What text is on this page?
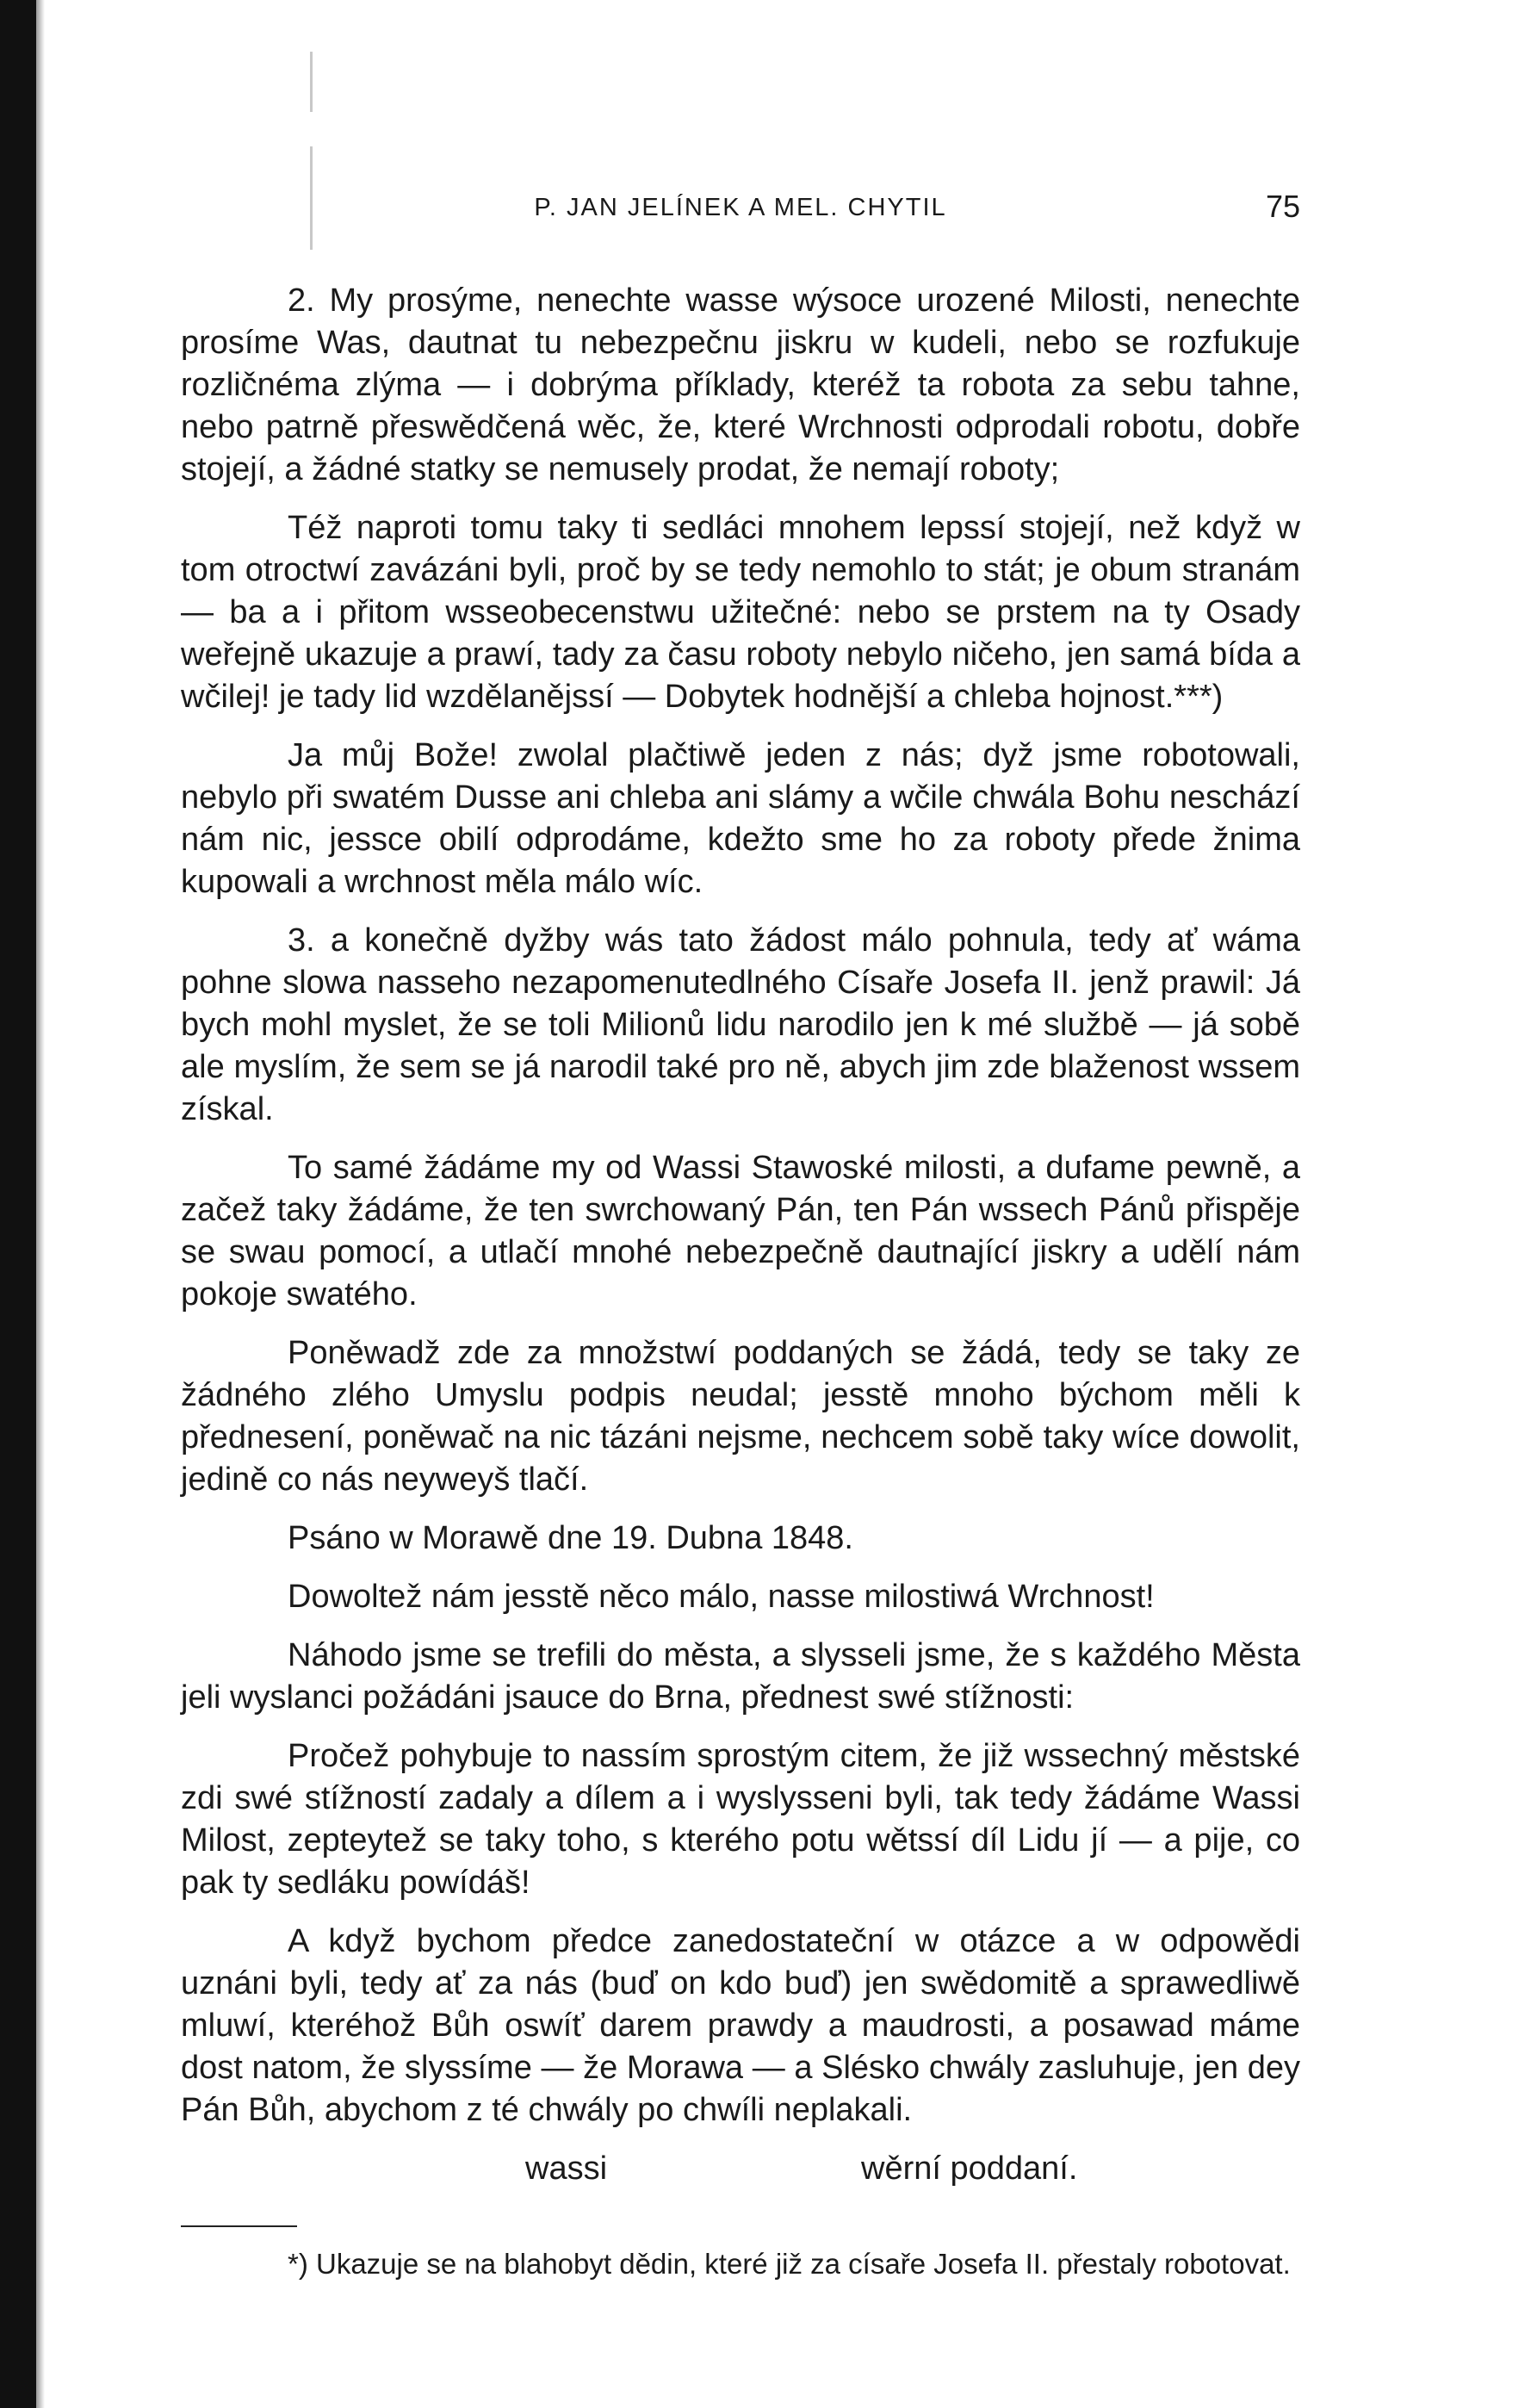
P. JAN JELÍNEK A MEL. CHYTIL	75

2. My prosýme, nenechte wasse wýsoce urozené Milosti, nenechte prosíme Was, dautnat tu nebezpečnu jiskru w kudeli, nebo se rozfukuje rozličnéma zlýma — i dobrýma příklady, kteréž ta robota za sebu tahne, nebo patrně přeswědčená wěc, že, které Wrchnosti odprodali robotu, dobře stojejí, a žádné statky se nemusely prodat, že nemají roboty;

Též naproti tomu taky ti sedláci mnohem lepssí stojejí, než když w tom otroctwí zavázáni byli, proč by se tedy nemohlo to stát; je obum stranám — ba a i přitom wsseobecenstwu užitečné: nebo se prstem na ty Osady weřejně ukazuje a prawí, tady za času roboty nebylo ničeho, jen samá bída a wčilej! je tady lid wzdělanějssí — Dobytek hodnější a chleba hojnost.***)

Ja můj Bože! zwolal plačtiwě jeden z nás; dyž jsme robotowali, nebylo při swatém Dusse ani chleba ani slámy a wčile chwála Bohu neschází nám nic, jessce obilí odprodáme, kdežto sme ho za roboty přede žnima kupowali a wrchnost měla málo wíc.

3. a konečně dyžby wás tato žádost málo pohnula, tedy ať wáma pohne slowa nasseho nezapomenutedlného Císaře Josefa II. jenž prawil: Já bych mohl myslet, že se toli Milionů lidu narodilo jen k mé službě — já sobě ale myslím, že sem se já narodil také pro ně, abych jim zde blaženost wssem získal.

To samé žádáme my od Wassi Stawoské milosti, a dufame pewně, a začež taky žádáme, že ten swrchowaný Pán, ten Pán wssech Pánů přispěje se swau pomocí, a utlačí mnohé nebezpečně dautnající jiskry a udělí nám pokoje swatého.

Poněwadž zde za množstwí poddaných se žádá, tedy se taky ze žádného zlého Umyslu podpis neudal; jesstě mnoho býchom měli k přednesení, poněwač na nic tázáni nejsme, nechcem sobě taky wíce dowolit, jedině co nás neyweyš tlačí.

Psáno w Morawě dne 19. Dubna 1848.

Dowoltež nám jesstě něco málo, nasse milostiwá Wrchnost!

Náhodo jsme se trefili do města, a slysseli jsme, že s každého Města jeli wyslanci požádáni jsauce do Brna, přednest swé stížnosti:

Pročež pohybuje to nassím sprostým citem, že již wssechný městské zdi swé stížností zadaly a dílem a i wyslysseni byli, tak tedy žádáme Wassi Milost, zepteytež se taky toho, s kterého potu wětssí díl Lidu jí — a pije, co pak ty sedláku powídáš!

A když bychom předce zanedostateční w otázce a w odpowědi uznáni byli, tedy ať za nás (buď on kdo buď) jen swědomitě a sprawedliwě mluwí, kteréhož Bůh oswíť darem prawdy a maudrosti, a posawad máme dost natom, že slyssíme — že Morawa — a Slésko chwály zasluhuje, jen dey Pán Bůh, abychom z té chwály po chwíli neplakali.

wassi	wěrní poddaní.

*) Ukazuje se na blahobyt dědin, které již za císaře Josefa II. přestaly robotovat.
